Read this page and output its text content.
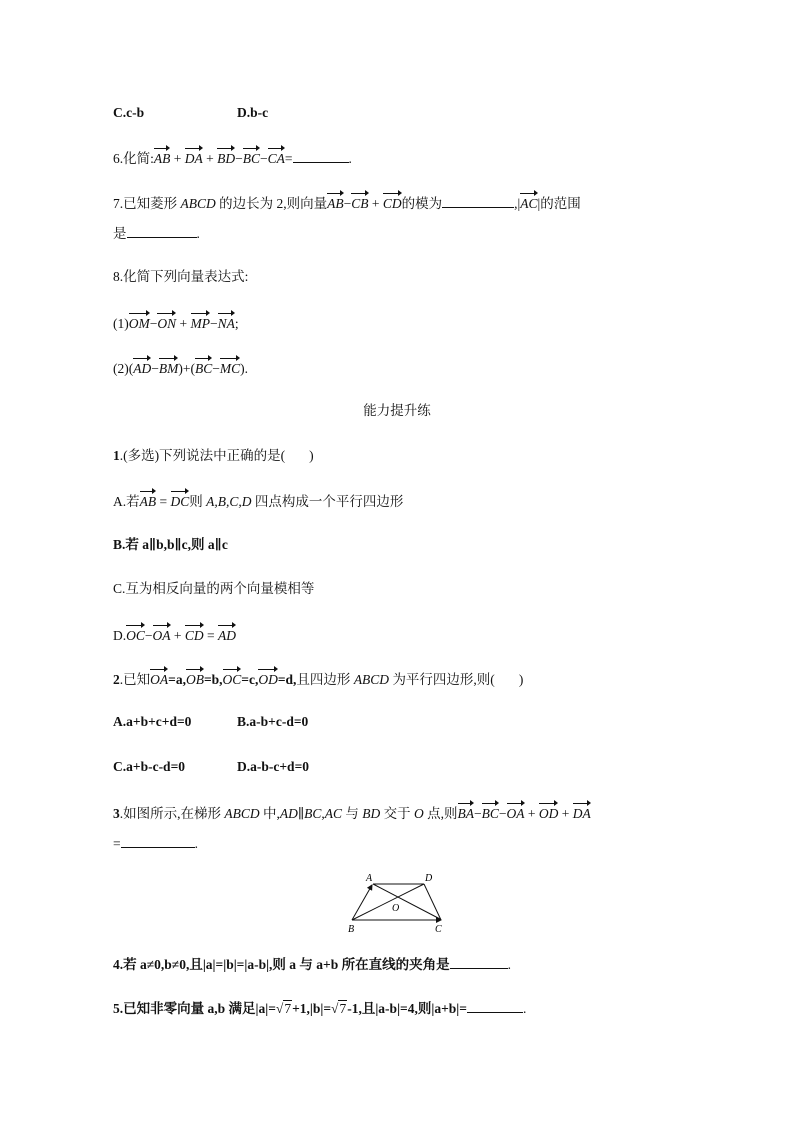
C.c-b	D.b-c
6.化简:AB + DA + BD−BC−CA=	.
7.已知菱形 ABCD 的边长为 2,则向量AB−CB + CD的模为	,|AC|的范围
是	.
8.化简下列向量表达式:
(1)OM−ON + MP−NA;
(2)(AD−BM)+(BC−MC).
能力提升练
1.(多选)下列说法中正确的是( )
A.若AB = DC则 A,B,C,D 四点构成一个平行四边形
B.若 a∥b,b∥c,则 a∥c
C.互为相反向量的两个向量模相等
D.OC−OA + CD = AD
2.已知OA=a,OB=b,OC=c,OD=d,且四边形 ABCD 为平行四边形,则( )
A.a+b+c+d=0	B.a-b+c-d=0
C.a+b-c-d=0	D.a-b-c+d=0
3.如图所示,在梯形 ABCD 中,AD∥BC,AC 与 BD 交于 O 点,则BA−BC−OA + OD + DA
=	.
A	D
O
B	C
4.若 a≠0,b≠0,且|a|=|b|=|a-b|,则 a 与 a+b 所在直线的夹角是	.
5.已知非零向量 a,b 满足|a|=√7+1,|b|=√7-1,且|a-b|=4,则|a+b|=	.
